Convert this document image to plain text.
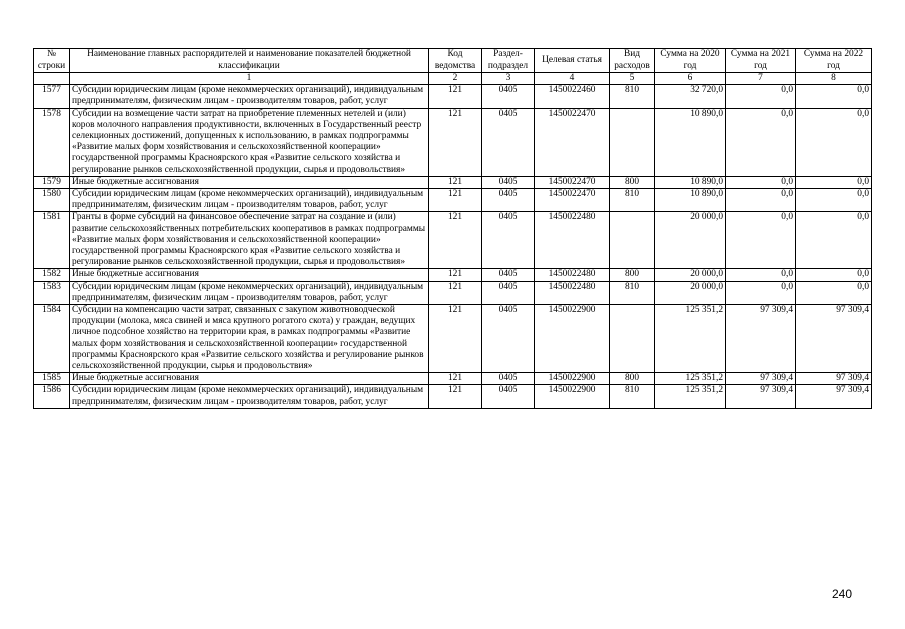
№ строки	Наименование главных распорядителей и наименование показателей бюджетной классификации	Код ведомства	Раздел- подраздел	Целевая статья	Вид расходов	Сумма на 2020 год	Сумма на 2021 год	Сумма на 2022 год
	1	2	3	4	5	6	7	8
1577	Субсидии юридическим лицам (кроме некоммерческих организаций), индивидуальным предпринимателям, физическим лицам - производителям товаров, работ, услуг	121	0405	1450022460	810	32 720,0	0,0	0,0
1578	Субсидии на возмещение части затрат на приобретение племенных нетелей и (или) коров молочного направления продуктивности, включенных в Государственный реестр селекционных достижений, допущенных к использованию, в рамках подпрограммы «Развитие малых форм хозяйствования и сельскохозяйственной кооперации» государственной программы Красноярского края «Развитие сельского хозяйства и регулирование рынков сельскохозяйственной продукции, сырья и продовольствия»	121	0405	1450022470		10 890,0	0,0	0,0
1579	Иные бюджетные ассигнования	121	0405	1450022470	800	10 890,0	0,0	0,0
1580	Субсидии юридическим лицам (кроме некоммерческих организаций), индивидуальным предпринимателям, физическим лицам - производителям товаров, работ, услуг	121	0405	1450022470	810	10 890,0	0,0	0,0
1581	Гранты в форме субсидий на финансовое обеспечение затрат на создание и (или) развитие сельскохозяйственных потребительских кооперативов в рамках подпрограммы «Развитие малых форм хозяйствования и сельскохозяйственной кооперации» государственной программы Красноярского края «Развитие сельского хозяйства и регулирование рынков сельскохозяйственной продукции, сырья и продовольствия»	121	0405	1450022480		20 000,0	0,0	0,0
1582	Иные бюджетные ассигнования	121	0405	1450022480	800	20 000,0	0,0	0,0
1583	Субсидии юридическим лицам (кроме некоммерческих организаций), индивидуальным предпринимателям, физическим лицам - производителям товаров, работ, услуг	121	0405	1450022480	810	20 000,0	0,0	0,0
1584	Субсидии на компенсацию части затрат, связанных с закупом животноводческой продукции (молока, мяса свиней и мяса крупного рогатого скота) у граждан, ведущих личное подсобное хозяйство на территории края, в рамках подпрограммы «Развитие малых форм хозяйствования и сельскохозяйственной кооперации» государственной программы Красноярского края «Развитие сельского хозяйства и регулирование рынков сельскохозяйственной продукции, сырья и продовольствия»	121	0405	1450022900		125 351,2	97 309,4	97 309,4
1585	Иные бюджетные ассигнования	121	0405	1450022900	800	125 351,2	97 309,4	97 309,4
1586	Субсидии юридическим лицам (кроме некоммерческих организаций), индивидуальным предпринимателям, физическим лицам - производителям товаров, работ, услуг	121	0405	1450022900	810	125 351,2	97 309,4	97 309,4
240
